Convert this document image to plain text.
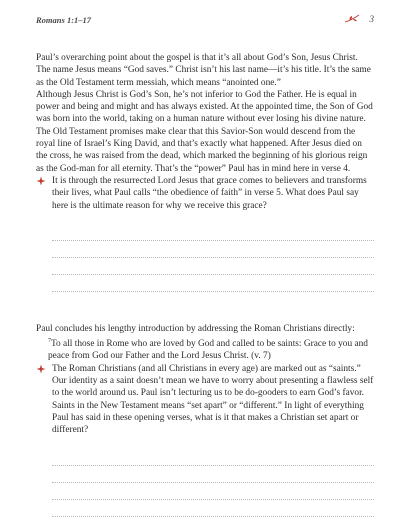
Romans 1:1–17	3

Paul’s overarching point about the gospel is that it’s all about God’s Son, Jesus Christ. The name Jesus means “God saves.” Christ isn’t his last name—it’s his title. It’s the same as the Old Testament term messiah, which means “anointed one.”

Although Jesus Christ is God’s Son, he’s not inferior to God the Father. He is equal in power and being and might and has always existed. At the appointed time, the Son of God was born into the world, taking on a human nature without ever losing his divine nature. The Old Testament promises make clear that this Savior-Son would descend from the royal line of Israel’s King David, and that’s exactly what happened. After Jesus died on the cross, he was raised from the dead, which marked the beginning of his glorious reign as the God-man for all eternity. That’s the “power” Paul has in mind here in verse 4.

It is through the resurrected Lord Jesus that grace comes to believers and transforms their lives, what Paul calls “the obedience of faith” in verse 5. What does Paul say here is the ultimate reason for why we receive this grace?

Paul concludes his lengthy introduction by addressing the Roman Christians directly:

$^7$To all those in Rome who are loved by God and called to be saints: Grace to you and peace from God our Father and the Lord Jesus Christ. (v. 7)

The Roman Christians (and all Christians in every age) are marked out as “saints.” Our identity as a saint doesn’t mean we have to worry about presenting a flawless self to the world around us. Paul isn’t lecturing us to be do-gooders to earn God’s favor. Saints in the New Testament means “set apart” or “different.” In light of everything Paul has said in these opening verses, what is it that makes a Christian set apart or different?
